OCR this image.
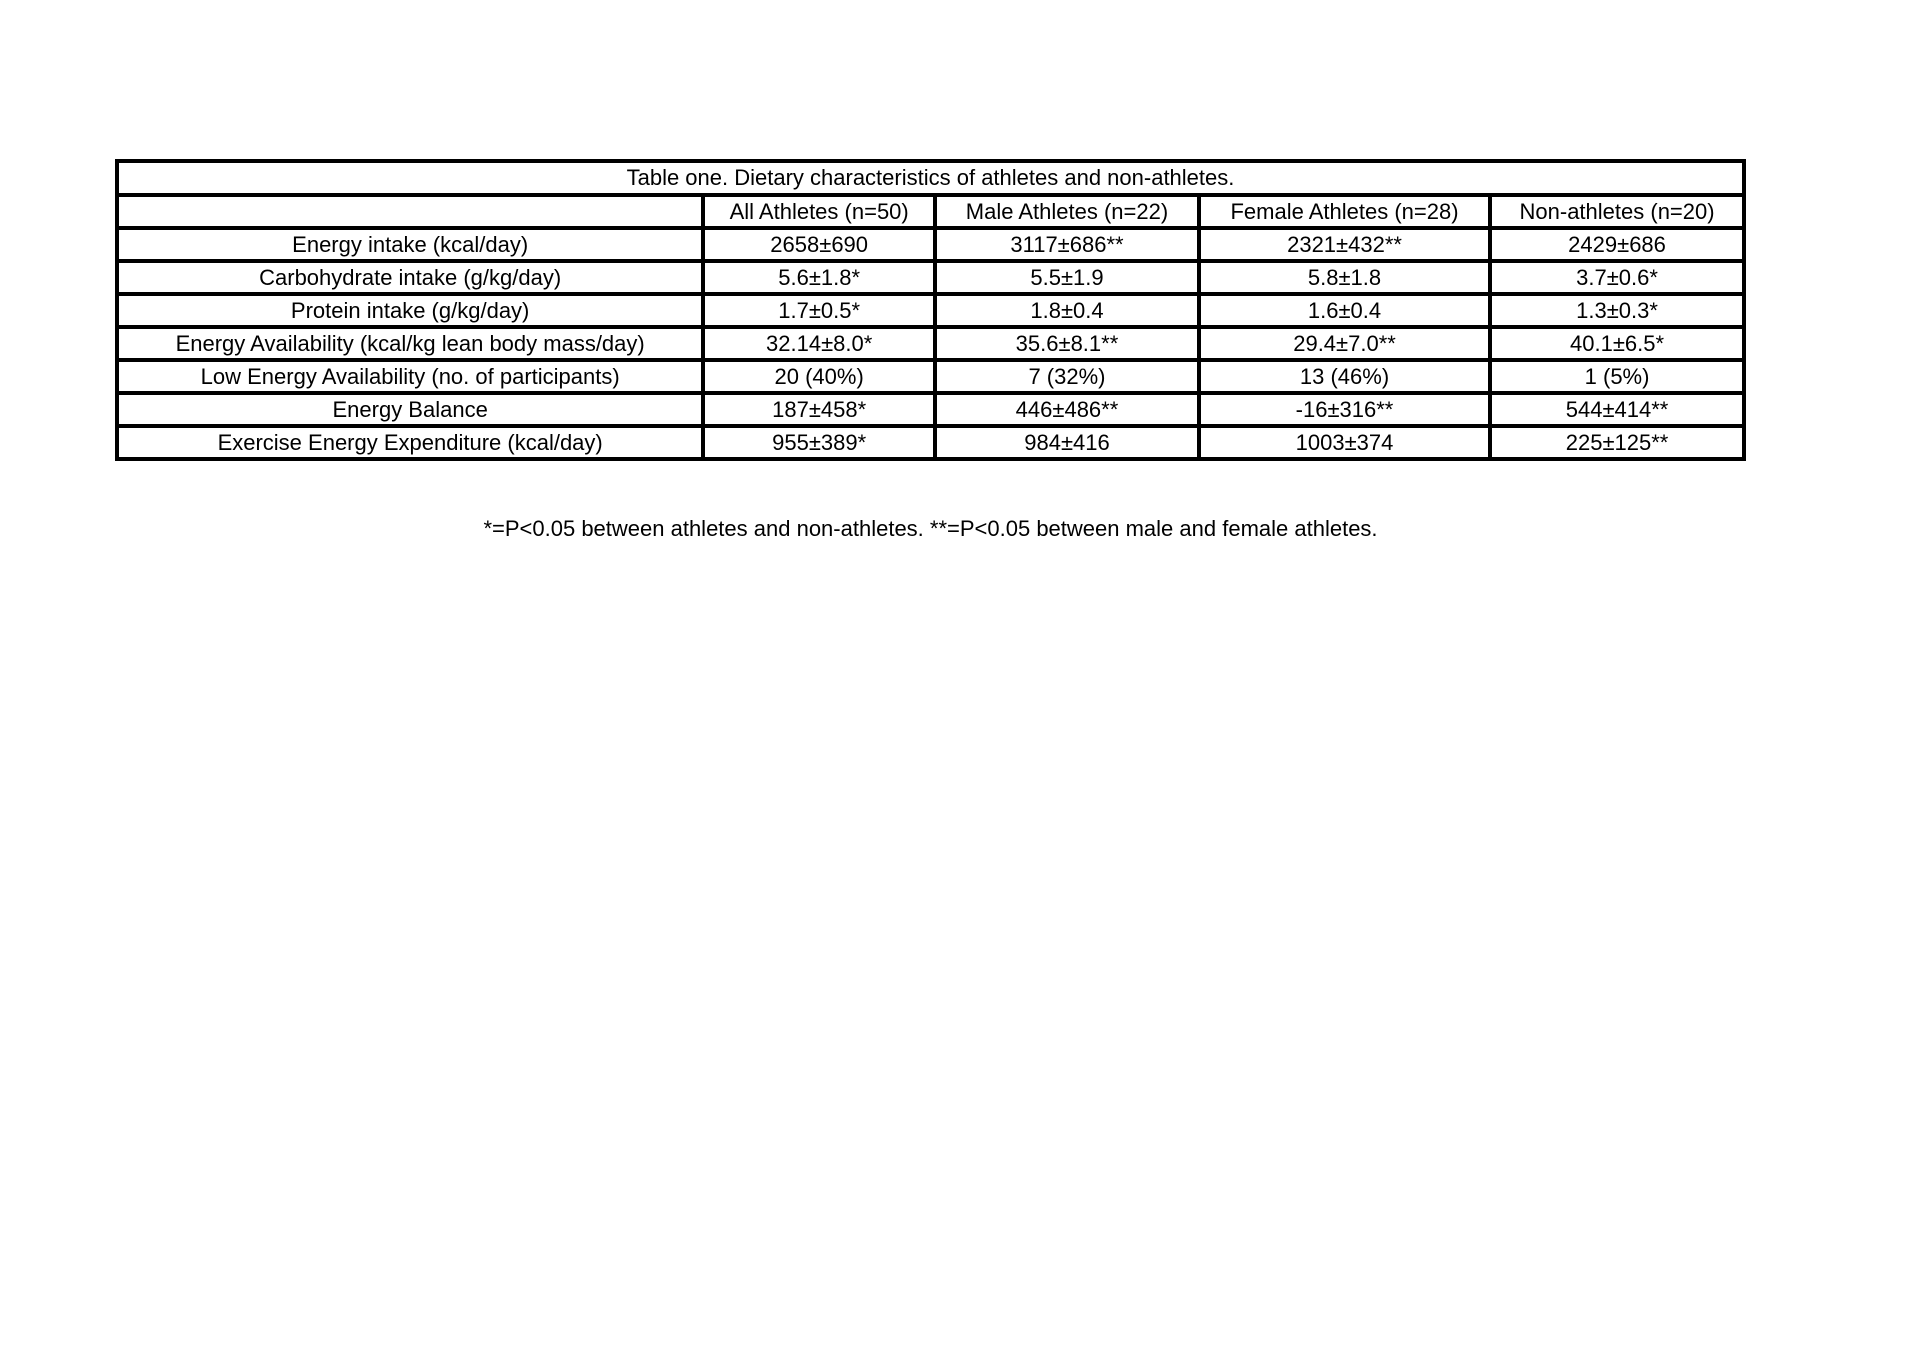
Table one. Dietary characteristics of athletes and non-athletes.				
	All Athletes (n=50)	Male Athletes (n=22)	Female Athletes (n=28)	Non-athletes (n=20)
Energy intake (kcal/day)	2658±690	3117±686**	2321±432**	2429±686
Carbohydrate intake (g/kg/day)	5.6±1.8*	5.5±1.9	5.8±1.8	3.7±0.6*
Protein intake (g/kg/day)	1.7±0.5*	1.8±0.4	1.6±0.4	1.3±0.3*
Energy Availability (kcal/kg lean body mass/day)	32.14±8.0*	35.6±8.1**	29.4±7.0**	40.1±6.5*
Low Energy Availability (no. of participants)	20 (40%)	7 (32%)	13 (46%)	1 (5%)
Energy Balance	187±458*	446±486**	-16±316**	544±414**
Exercise Energy Expenditure (kcal/day)	955±389*	984±416	1003±374	225±125**
*=P<0.05 between athletes and non-athletes. **=P<0.05 between male and female athletes.
